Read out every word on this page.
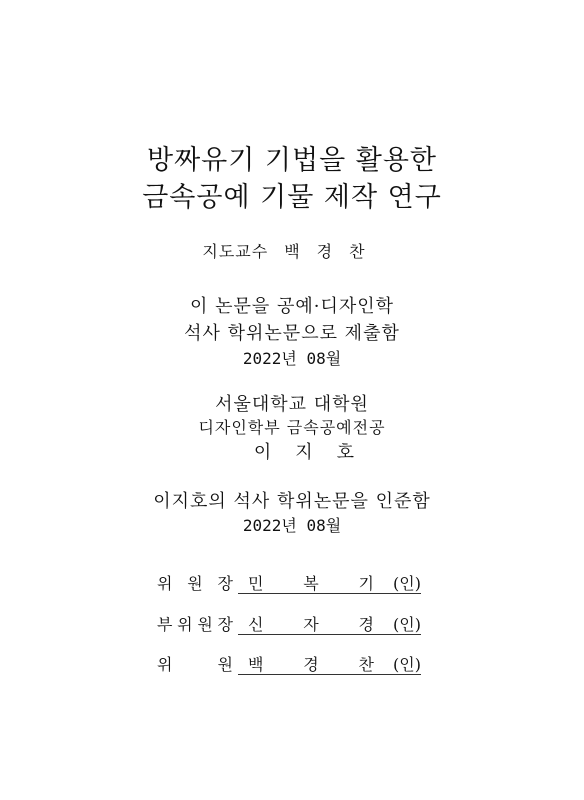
방짜유기 기법을 활용한
금속공예 기물 제작 연구
지도교수 백경찬
이 논문을 공예·디자인학
석사 학위논문으로 제출함
2022년 08월
서울대학교 대학원
디자인학부 금속공예전공
이지호
이지호의 석사 학위논문을 인준함
2022년 08월
위 원 장 민 복 기 (인)
부 위 원 장 신 자 경 (인)
위	원 백 경 찬 (인)
